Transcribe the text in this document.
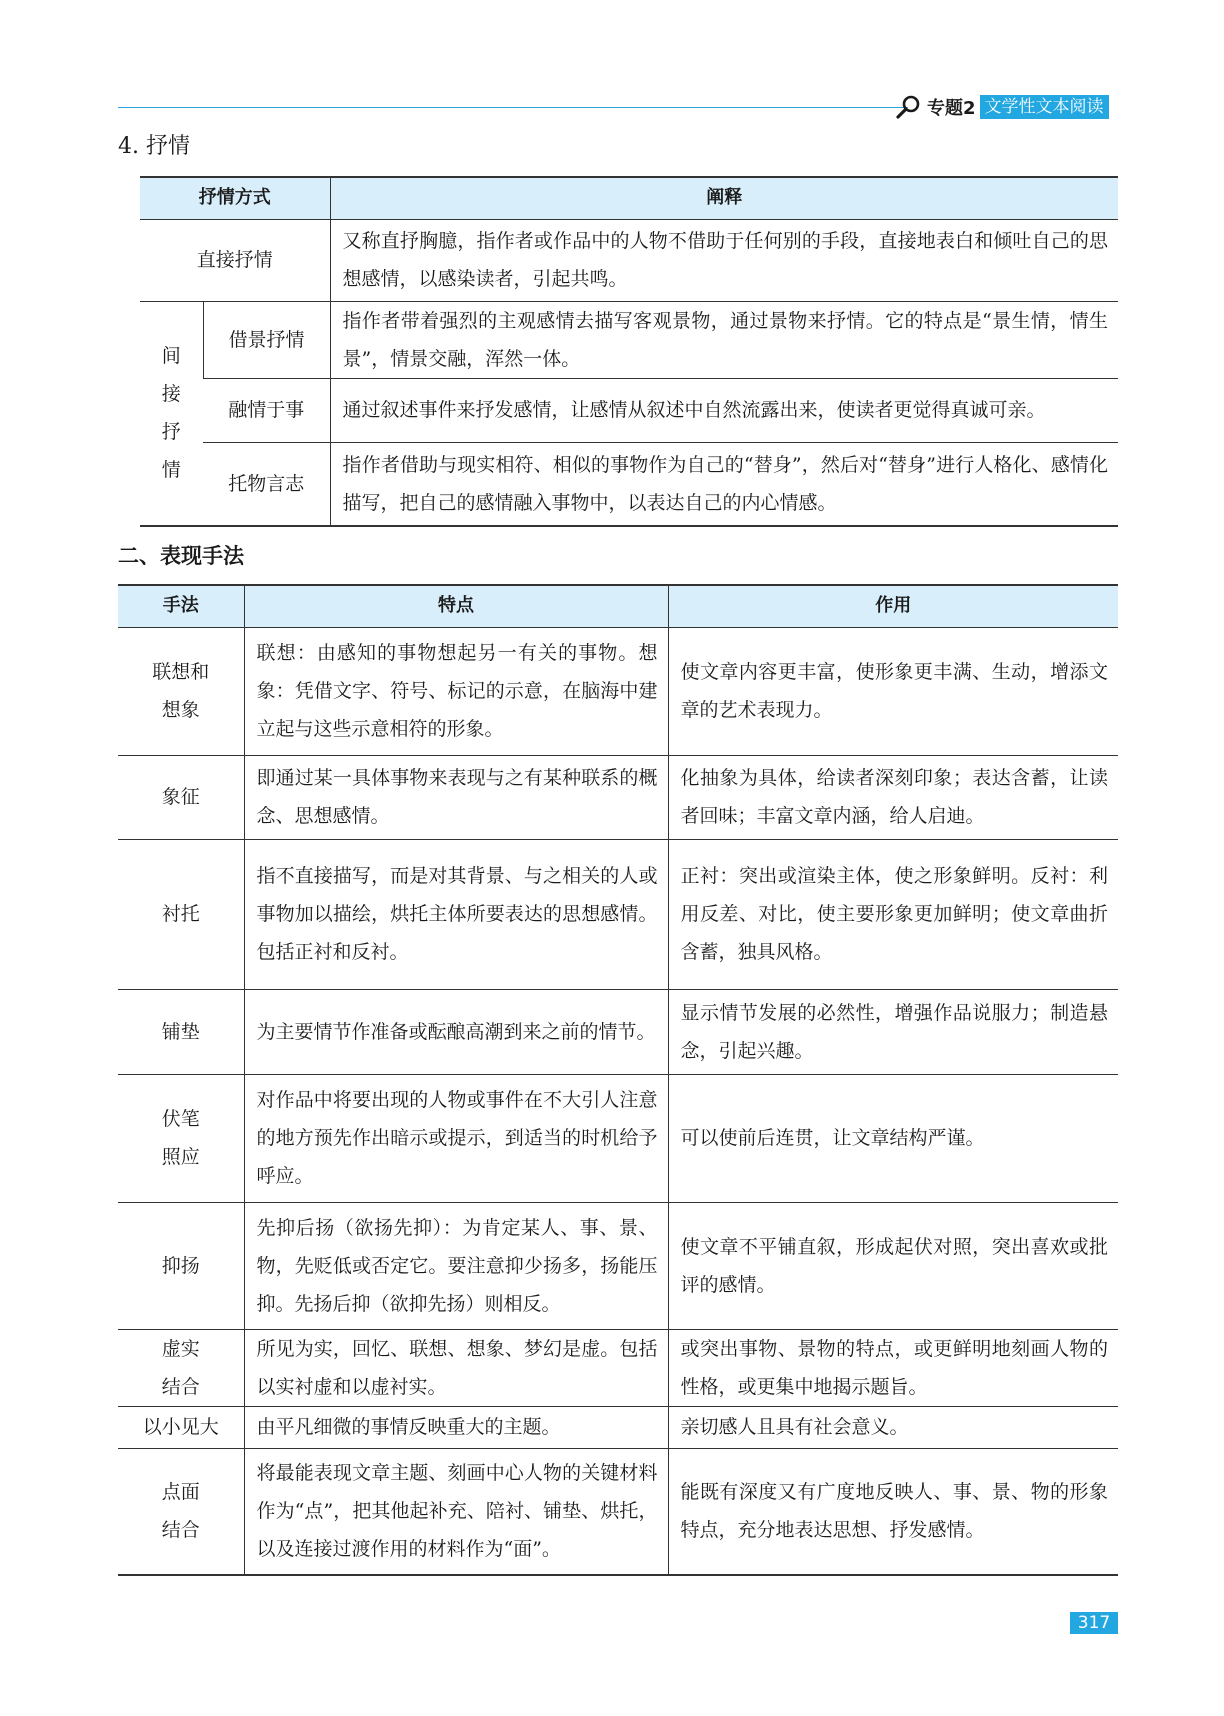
专题2 文学性文本阅读
4. 抒情
抒情方式		阐释
直接抒情		又称直抒胸臆，指作者或作品中的人物不借助于任何别的手段，直接地表白和倾吐自己的思想感情，以感染读者，引起共鸣。
间接抒情	借景抒情	指作者带着强烈的主观感情去描写客观景物，通过景物来抒情。它的特点是“景生情，情生景”，情景交融，浑然一体。
	融情于事	通过叙述事件来抒发感情，让感情从叙述中自然流露出来，使读者更觉得真诚可亲。
	托物言志	指作者借助与现实相符、相似的事物作为自己的“替身”，然后对“替身”进行人格化、感情化描写，把自己的感情融入事物中，以表达自己的内心情感。
二、表现手法
手法	特点	作用
联想和想象	联想：由感知的事物想起另一有关的事物。想象：凭借文字、符号、标记的示意，在脑海中建立起与这些示意相符的形象。	使文章内容更丰富，使形象更丰满、生动，增添文章的艺术表现力。
象征	即通过某一具体事物来表现与之有某种联系的概念、思想感情。	化抽象为具体，给读者深刻印象；表达含蓄，让读者回味；丰富文章内涵，给人启迪。
衬托	指不直接描写，而是对其背景、与之相关的人或事物加以描绘，烘托主体所要表达的思想感情。包括正衬和反衬。	正衬：突出或渲染主体，使之形象鲜明。反衬：利用反差、对比，使主要形象更加鲜明；使文章曲折含蓄，独具风格。
铺垫	为主要情节作准备或酝酿高潮到来之前的情节。	显示情节发展的必然性，增强作品说服力；制造悬念，引起兴趣。
伏笔照应	对作品中将要出现的人物或事件在不大引人注意的地方预先作出暗示或提示，到适当的时机给予呼应。	可以使前后连贯，让文章结构严谨。
抑扬	先抑后扬（欲扬先抑）：为肯定某人、事、景、物，先贬低或否定它。要注意抑少扬多，扬能压抑。先扬后抑（欲抑先扬）则相反。	使文章不平铺直叙，形成起伏对照，突出喜欢或批评的感情。
虚实结合	所见为实，回忆、联想、想象、梦幻是虚。包括以实衬虚和以虚衬实。	或突出事物、景物的特点，或更鲜明地刻画人物的性格，或更集中地揭示题旨。
以小见大	由平凡细微的事情反映重大的主题。	亲切感人且具有社会意义。
点面结合	将最能表现文章主题、刻画中心人物的关键材料作为“点”，把其他起补充、陪衬、铺垫、烘托，以及连接过渡作用的材料作为“面”。	能既有深度又有广度地反映人、事、景、物的形象特点，充分地表达思想、抒发感情。
317
